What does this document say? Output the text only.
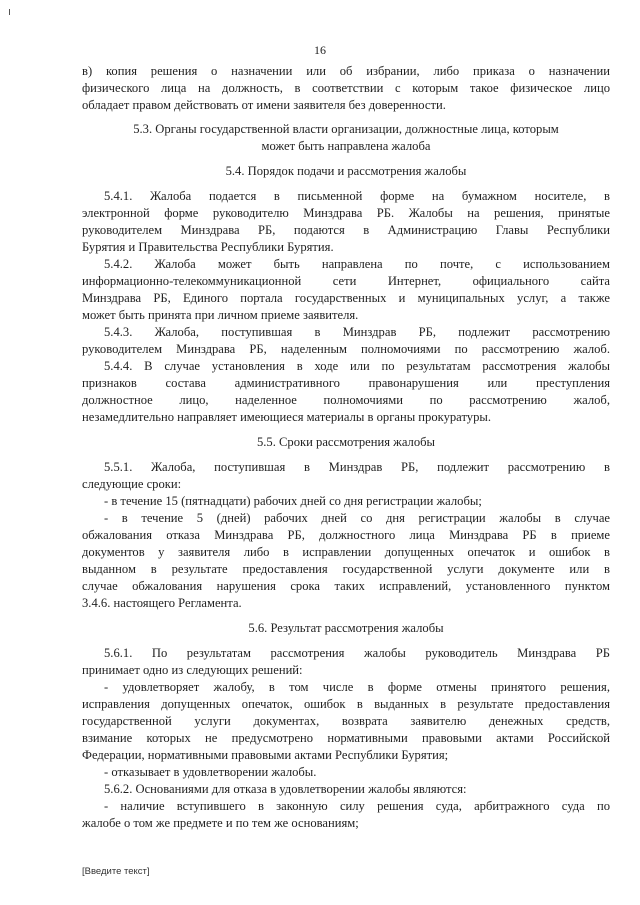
16
в) копия решения о назначении или об избрании, либо приказа о назначении
физического лица на должность, в соответствии с которым такое физическое лицо
обладает правом действовать от имени заявителя без доверенности.
5.3. Органы государственной власти организации, должностные лица, которым
может быть направлена жалоба
5.4. Порядок подачи и рассмотрения жалобы
5.4.1. Жалоба подается в письменной форме на бумажном носителе, в
электронной форме руководителю Минздрава РБ. Жалобы на решения, принятые
руководителем Минздрава РБ, подаются в Администрацию Главы Республики
Бурятия и Правительства Республики Бурятия.
5.4.2. Жалоба может быть направлена по почте, с использованием
информационно-телекоммуникационной сети Интернет, официального сайта
Минздрава РБ, Единого портала государственных и муниципальных услуг, а также
может быть принята при личном приеме заявителя.
5.4.3. Жалоба, поступившая в Минздрав РБ, подлежит рассмотрению
руководителем Минздрава РБ, наделенным полномочиями по рассмотрению жалоб.
5.4.4. В случае установления в ходе или по результатам рассмотрения жалобы
признаков состава административного правонарушения или преступления
должностное лицо, наделенное полномочиями по рассмотрению жалоб,
незамедлительно направляет имеющиеся материалы в органы прокуратуры.
5.5. Сроки рассмотрения жалобы
5.5.1. Жалоба, поступившая в Минздрав РБ, подлежит рассмотрению в
следующие сроки:
- в течение 15 (пятнадцати) рабочих дней со дня регистрации жалобы;
- в течение 5 (дней) рабочих дней со дня регистрации жалобы в случае
обжалования отказа Минздрава РБ, должностного лица Минздрава РБ в приеме
документов у заявителя либо в исправлении допущенных опечаток и ошибок в
выданном в результате предоставления государственной услуги документе или в
случае обжалования нарушения срока таких исправлений, установленного пунктом
3.4.6. настоящего Регламента.
5.6. Результат рассмотрения жалобы
5.6.1. По результатам рассмотрения жалобы руководитель Минздрава РБ
принимает одно из следующих решений:
- удовлетворяет жалобу, в том числе в форме отмены принятого решения,
исправления допущенных опечаток, ошибок в выданных в результате предоставления
государственной услуги документах, возврата заявителю денежных средств,
взимание которых не предусмотрено нормативными правовыми актами Российской
Федерации, нормативными правовыми актами Республики Бурятия;
- отказывает в удовлетворении жалобы.
5.6.2. Основаниями для отказа в удовлетворении жалобы являются:
- наличие вступившего в законную силу решения суда, арбитражного суда по
жалобе о том же предмете и по тем же основаниям;
[Введите текст]
